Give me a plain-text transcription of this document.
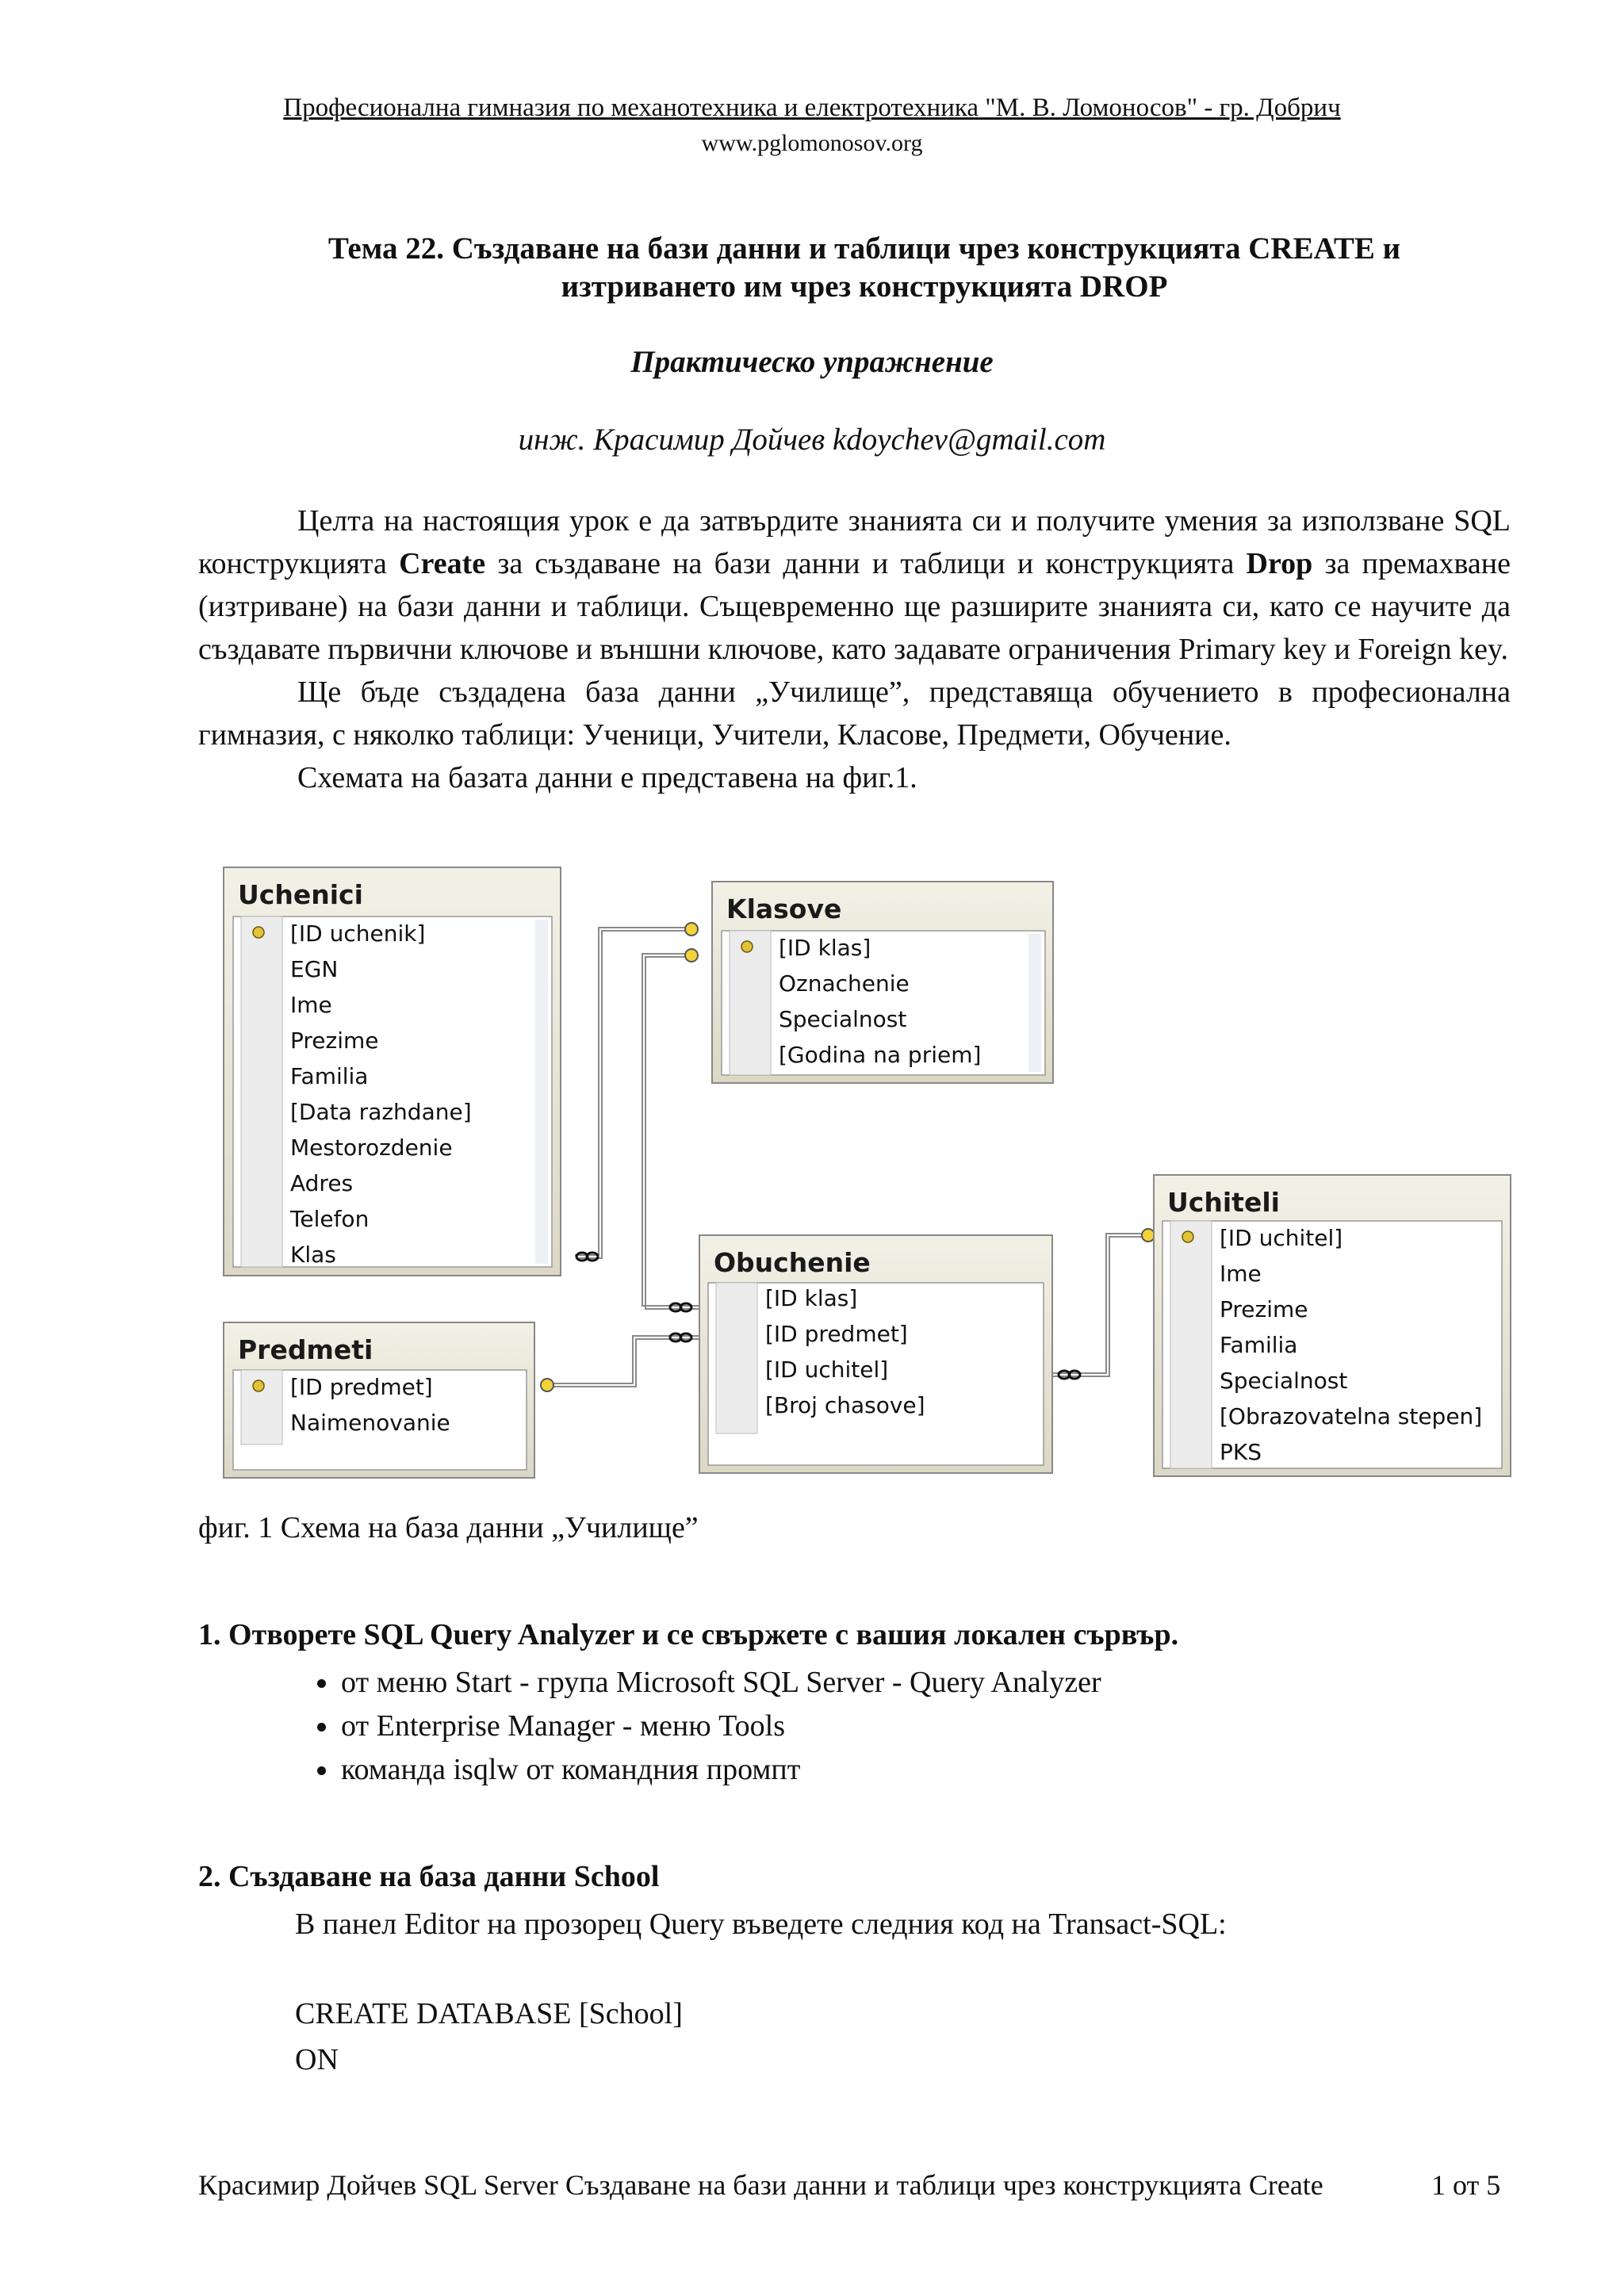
Професионална гимназия по механотехника и електротехника "М. В. Ломоносов" - гр. Добрич
www.pglomonosov.org
Тема 22. Създаване на бази данни и таблици чрез конструкцията CREATE и
изтриването им чрез конструкцията DROP
Практическо упражнение
инж. Красимир Дойчев kdoychev@gmail.com

Целта на настоящия урок е да затвърдите знанията си и получите умения за използване SQL конструкцията Create за създаване на бази данни и таблици и конструкцията Drop за премахване (изтриване) на бази данни и таблици. Същевременно ще разширите знанията си, като се научите да създавате първични ключове и външни ключове, като задавате ограничения Primary key и Foreign key.

Ще бъде създадена база данни „Училище”, представяща обучението в професионална гимназия, с няколко таблици: Ученици, Учители, Класове, Предмети, Обучение.

Схемата на базата данни е представена на фиг.1.

Uchenici
[ID uchenik]
EGN
Ime
Prezime
Familia
[Data razhdane]
Mestorozdenie
Adres
Telefon
Klas
Klasove
[ID klas]
Oznachenie
Specialnost
[Godina na priem]
Uchiteli
[ID uchitel]
Ime
Prezime
Familia
Specialnost
[Obrazovatelna stepen]
PKS
Obuchenie
[ID klas]
[ID predmet]
[ID uchitel]
[Broj chasove]
Predmeti
[ID predmet]
Naimenovanie
фиг. 1 Схема на база данни „Училище”
1. Отворете SQL Query Analyzer и се свържете с вашия локален сървър.
от меню Start - група Microsoft SQL Server - Query Analyzer
от Enterprise Manager - меню Tools
команда isqlw от командния промпт
2. Създаване на база данни School
В панел Editor на прозорец Query въведете следния код на Transact-SQL:
CREATE DATABASE [School]
ON
Красимир Дойчев SQL Server Създаване на бази данни и таблици чрез конструкцията Create	1 от 5
